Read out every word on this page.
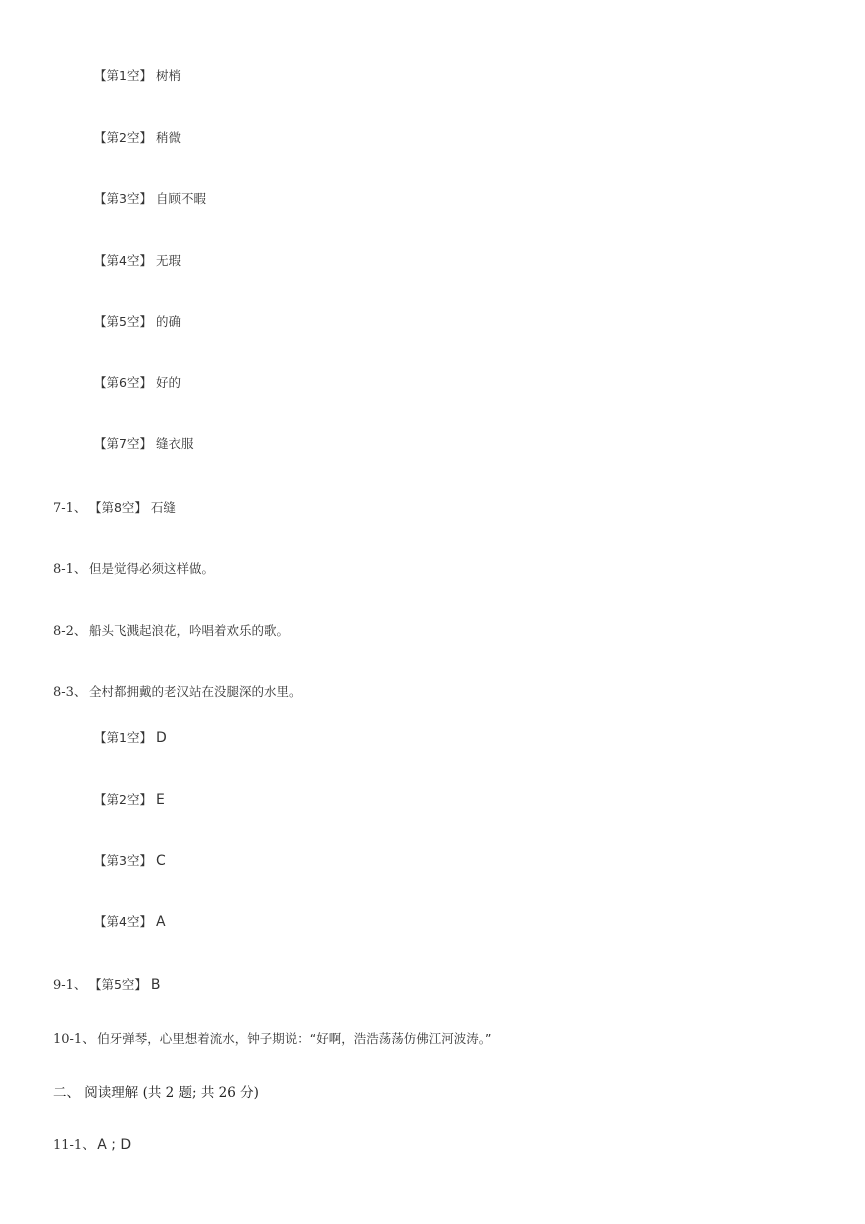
【第1空】 树梢
【第2空】 稍微
【第3空】 自顾不暇
【第4空】 无瑕
【第5空】 的确
【第6空】 好的
【第7空】 缝衣服
7-1、 【第8空】 石缝
8-1、 但是觉得必须这样做。
8-2、 船头飞溅起浪花，吟唱着欢乐的歌。
8-3、 全村都拥戴的老汉站在没腿深的水里。
【第1空】 D
【第2空】 E
【第3空】 C
【第4空】 A
9-1、 【第5空】 B
10-1、 伯牙弹琴，心里想着流水，钟子期说：“好啊，浩浩荡荡仿佛江河波涛。”
二、 阅读理解 (共 2 题; 共 26 分)
11-1、 A ; D
